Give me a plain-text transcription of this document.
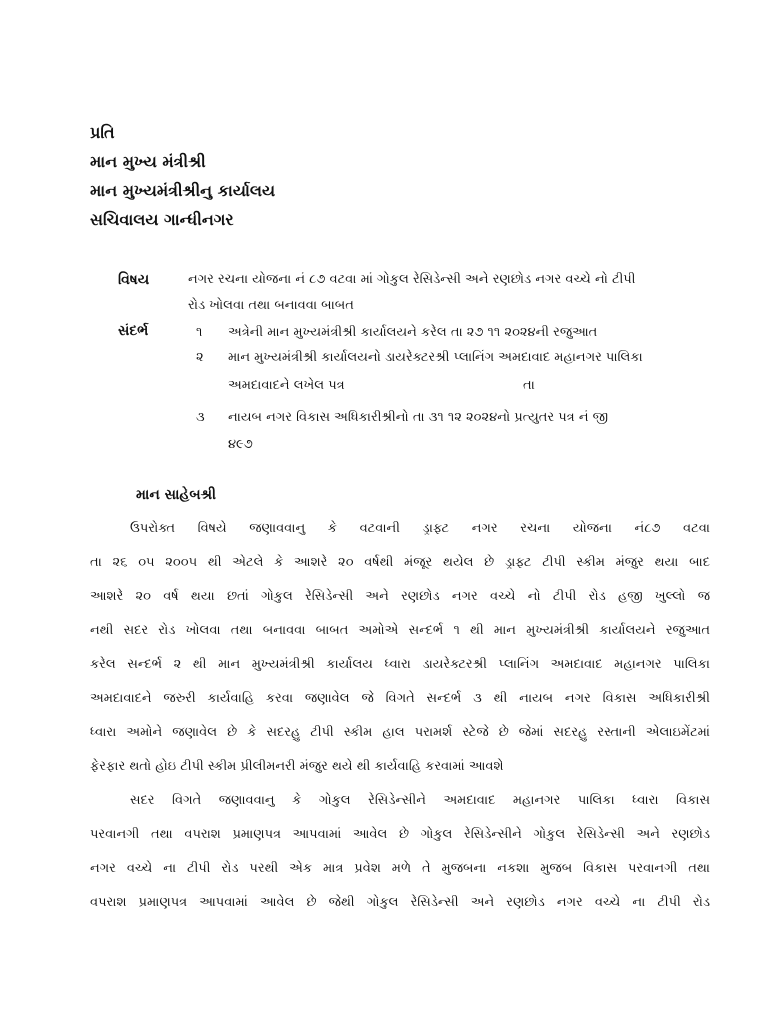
પ્રતિ
માન મુખ્ય મંત્રીશ્રી
માન મુખ્યમંત્રીશ્રીનુ કાર્યાલય
સચિવાલય ગાન્ધીનગર
વિષય	નગર રચના યોજના નં ૮૭ વટવા માં ગોકુલ રેસિડેન્સી અને રણછોડ નગર વચ્ચે નો ટીપી
રોડ ખોલવા તથા બનાવવા બાબત
સંદર્ભ	૧ અત્રેની માન મુખ્યમંત્રીશ્રી કાર્યાલયને કરેલ તા ૨૭ ૧૧ ૨૦૨૪ની રજુઆત
૨ માન મુખ્યમંત્રીશ્રી કાર્યાલયનો ડાયરેક્ટરશ્રી પ્લાનિંગ અમદાવાદ મહાનગર પાલિકા
અમદાવાદને લખેલ પત્ર	તા
૩ નાયબ નગર વિકાસ અધિકારીશ્રીનો તા ૩૧ ૧૨ ૨૦૨૪નો પ્રત્યુતર પત્ર નં જી
૪૯૭
માન સાહેબશ્રી
ઉપરોક્ત વિષયે જણાવવાનુ કે વટવાની ડ્રાફ્ટ નગર રચના યોજના નં૮૭ વટવા
તા ૨૬ ૦૫ ૨૦૦૫ થી એટલે કે આશરે ૨૦ વર્ષથી મંજૂર થયેલ છે ડ્રાફ્ટ ટીપી સ્કીમ મંજુર થયા બાદ
આશરે ૨૦ વર્ષ થયા છતાં ગોકુલ રેસિડેન્સી અને રણછોડ નગર વચ્ચે નો ટીપી રોડ હજી ખુલ્લો જ
નથી સદર રોડ ખોલવા તથા બનાવવા બાબત અમોએ સન્દર્ભ ૧ થી માન મુખ્યમંત્રીશ્રી કાર્યાલયને રજુઆત
કરેલ સન્દર્ભ ૨ થી માન મુખ્યમંત્રીશ્રી કાર્યાલય ધ્વારા ડાયરેક્ટરશ્રી પ્લાનિંગ અમદાવાદ મહાનગર પાલિકા
અમદાવાદને જરુરી કાર્યવાહિ કરવા જણાવેલ જે વિગતે સન્દર્ભ ૩ થી નાયબ નગર વિકાસ અધિકારીશ્રી
ધ્વારા અમોને જણાવેલ છે કે સદરહુ ટીપી સ્કીમ હાલ પરામર્શ સ્ટેજે છે જેમાં સદરહુ રસ્તાની એલાઇમેંટમાં
ફેરફાર થતો હોઇ ટીપી સ્કીમ પ્રીલીમનરી મંજુર થયે થી કાર્યવાહિ કરવામાં આવશે
સદર વિગતે જણાવવાનુ કે ગોકુલ રેસિડેન્સીને અમદાવાદ મહાનગર પાલિકા ધ્વારા વિકાસ
પરવાનગી તથા વપરાશ પ્રમાણપત્ર આપવામાં આવેલ છે ગોકુલ રેસિડેન્સીને ગોકુલ રેસિડેન્સી અને રણછોડ
નગર વચ્ચે ના ટીપી રોડ પરથી એક માત્ર પ્રવેશ મળે તે મુજબના નકશા મુજબ વિકાસ પરવાનગી તથા
વપરાશ પ્રમાણપત્ર આપવામાં આવેલ છે જેથી ગોકુલ રેસિડેન્સી અને રણછોડ નગર વચ્ચે ના ટીપી રોડ
